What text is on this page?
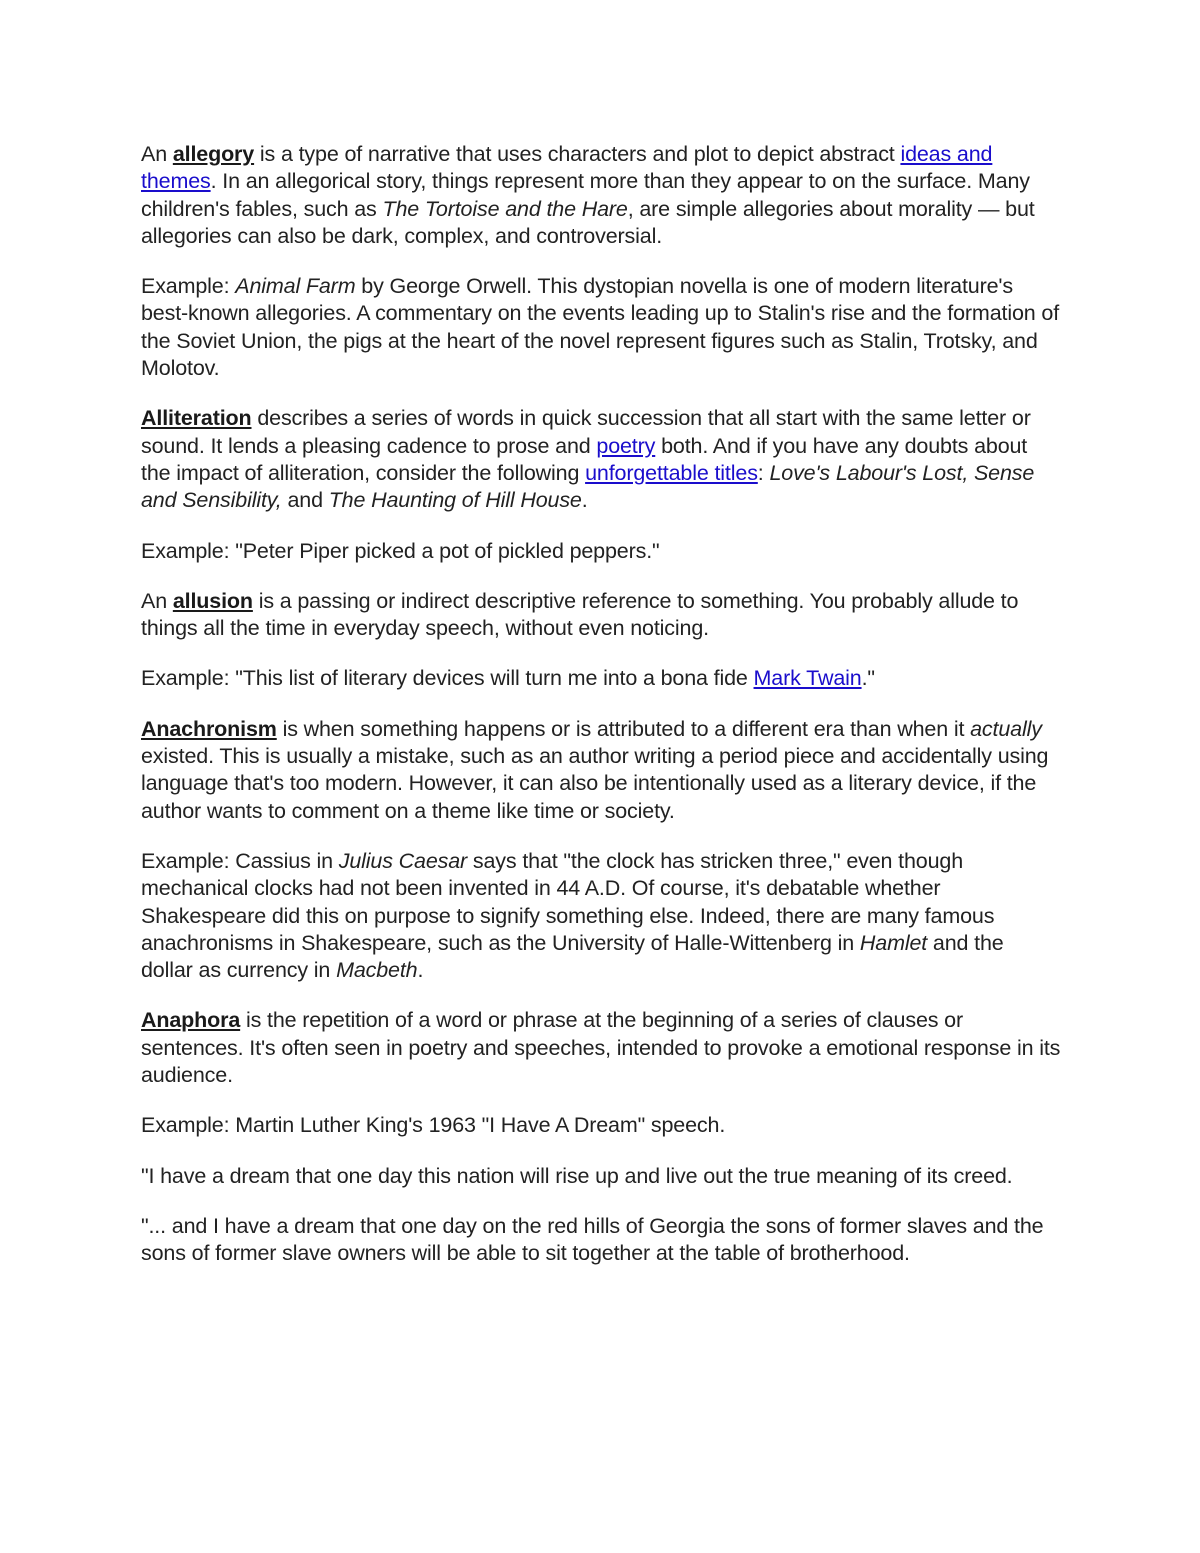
An allegory is a type of narrative that uses characters and plot to depict abstract ideas and themes. In an allegorical story, things represent more than they appear to on the surface. Many children's fables, such as The Tortoise and the Hare, are simple allegories about morality — but allegories can also be dark, complex, and controversial.

Example: Animal Farm by George Orwell. This dystopian novella is one of modern literature's best-known allegories. A commentary on the events leading up to Stalin's rise and the formation of the Soviet Union, the pigs at the heart of the novel represent figures such as Stalin, Trotsky, and Molotov.

Alliteration describes a series of words in quick succession that all start with the same letter or sound. It lends a pleasing cadence to prose and poetry both. And if you have any doubts about the impact of alliteration, consider the following unforgettable titles: Love's Labour's Lost, Sense and Sensibility, and The Haunting of Hill House.

Example: "Peter Piper picked a pot of pickled peppers."

An allusion is a passing or indirect descriptive reference to something. You probably allude to things all the time in everyday speech, without even noticing.

Example: "This list of literary devices will turn me into a bona fide Mark Twain."

Anachronism is when something happens or is attributed to a different era than when it actually existed. This is usually a mistake, such as an author writing a period piece and accidentally using language that's too modern. However, it can also be intentionally used as a literary device, if the author wants to comment on a theme like time or society.

Example: Cassius in Julius Caesar says that "the clock has stricken three," even though mechanical clocks had not been invented in 44 A.D. Of course, it's debatable whether Shakespeare did this on purpose to signify something else. Indeed, there are many famous anachronisms in Shakespeare, such as the University of Halle-Wittenberg in Hamlet and the dollar as currency in Macbeth.

Anaphora is the repetition of a word or phrase at the beginning of a series of clauses or sentences. It's often seen in poetry and speeches, intended to provoke a emotional response in its audience.

Example: Martin Luther King's 1963 "I Have A Dream" speech.

"I have a dream that one day this nation will rise up and live out the true meaning of its creed.

"... and I have a dream that one day on the red hills of Georgia the sons of former slaves and the sons of former slave owners will be able to sit together at the table of brotherhood.
